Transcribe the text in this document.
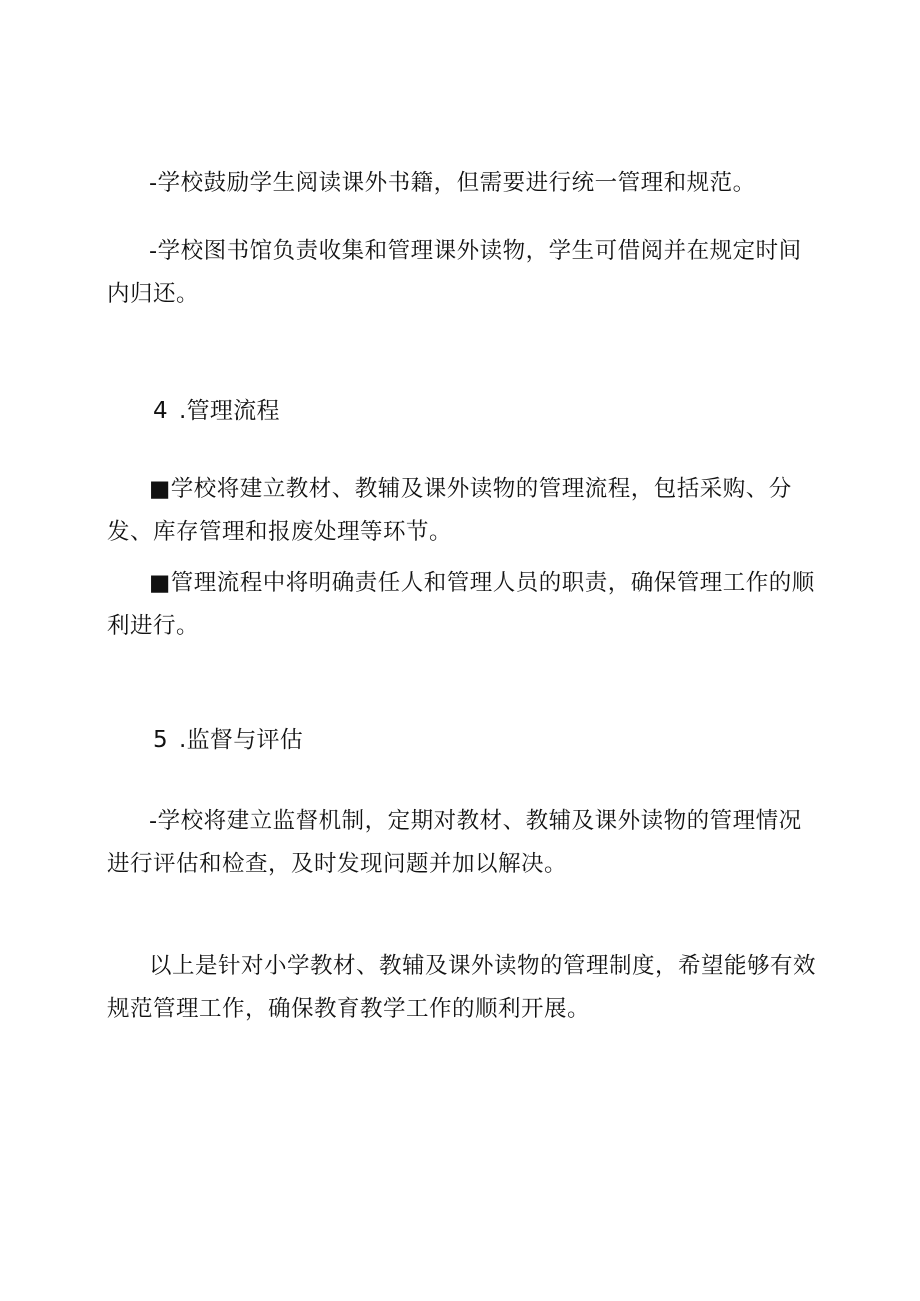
-学校鼓励学生阅读课外书籍，但需要进行统一管理和规范。

-学校图书馆负责收集和管理课外读物，学生可借阅并在规定时间内归还。

4 .管理流程

■学校将建立教材、教辅及课外读物的管理流程，包括采购、分发、库存管理和报废处理等环节。

■管理流程中将明确责任人和管理人员的职责，确保管理工作的顺利进行。

5 .监督与评估

-学校将建立监督机制，定期对教材、教辅及课外读物的管理情况进行评估和检查，及时发现问题并加以解决。

以上是针对小学教材、教辅及课外读物的管理制度，希望能够有效规范管理工作，确保教育教学工作的顺利开展。
